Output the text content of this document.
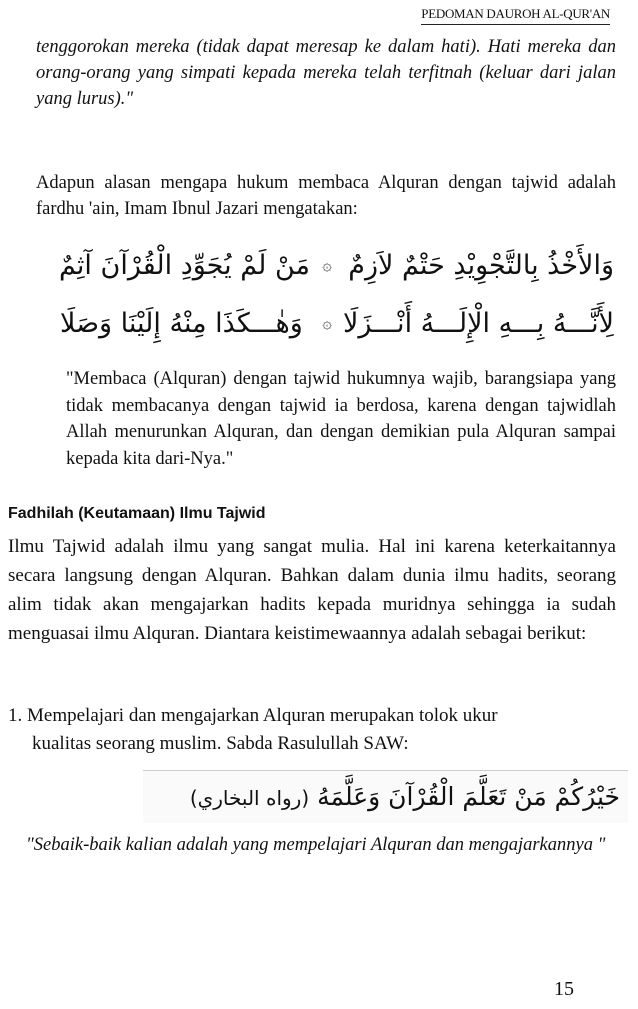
PEDOMAN DAUROH AL-QUR'AN
tenggorokan mereka (tidak dapat meresap ke dalam hati). Hati mereka dan orang-orang yang simpati kepada mereka telah terfitnah (keluar dari jalan yang lurus)."
Adapun alasan mengapa hukum membaca Alquran dengan tajwid adalah fardhu 'ain, Imam Ibnul Jazari mengatakan:
وَالأَخْذُ بِالتَّجْوِيْدِ حَتْمٌ لاَزِمٌ
۞
مَنْ لَمْ يُجَوِّدِ الْقُرْآنَ آثِمٌ
لِأَنَّـــهُ بِـــهِ الْإِلَـــهُ أَنْـــزَلَا
۞
وَهٰـــكَذَا مِنْهُ إِلَيْنَا وَصَلَا
"Membaca (Alquran) dengan tajwid hukumnya wajib, barangsiapa yang tidak membacanya dengan tajwid ia berdosa, karena dengan tajwidlah Allah menurunkan Alquran, dan dengan demikian pula Alquran sampai kepada kita dari-Nya."
Fadhilah (Keutamaan) Ilmu Tajwid
Ilmu Tajwid adalah ilmu yang sangat mulia. Hal ini karena keterkaitannya secara langsung dengan Alquran. Bahkan dalam dunia ilmu hadits, seorang alim tidak akan mengajarkan hadits kepada muridnya sehingga ia sudah menguasai ilmu Alquran. Diantara keistimewaannya adalah sebagai berikut:
1. Mempelajari dan mengajarkan Alquran merupakan tolok ukur
kualitas seorang muslim. Sabda Rasulullah SAW:
خَيْرُكُمْ مَنْ تَعَلَّمَ الْقُرْآنَ وَعَلَّمَهُ (رواه البخاري)
"Sebaik-baik kalian adalah yang mempelajari Alquran dan mengajarkannya "
15
